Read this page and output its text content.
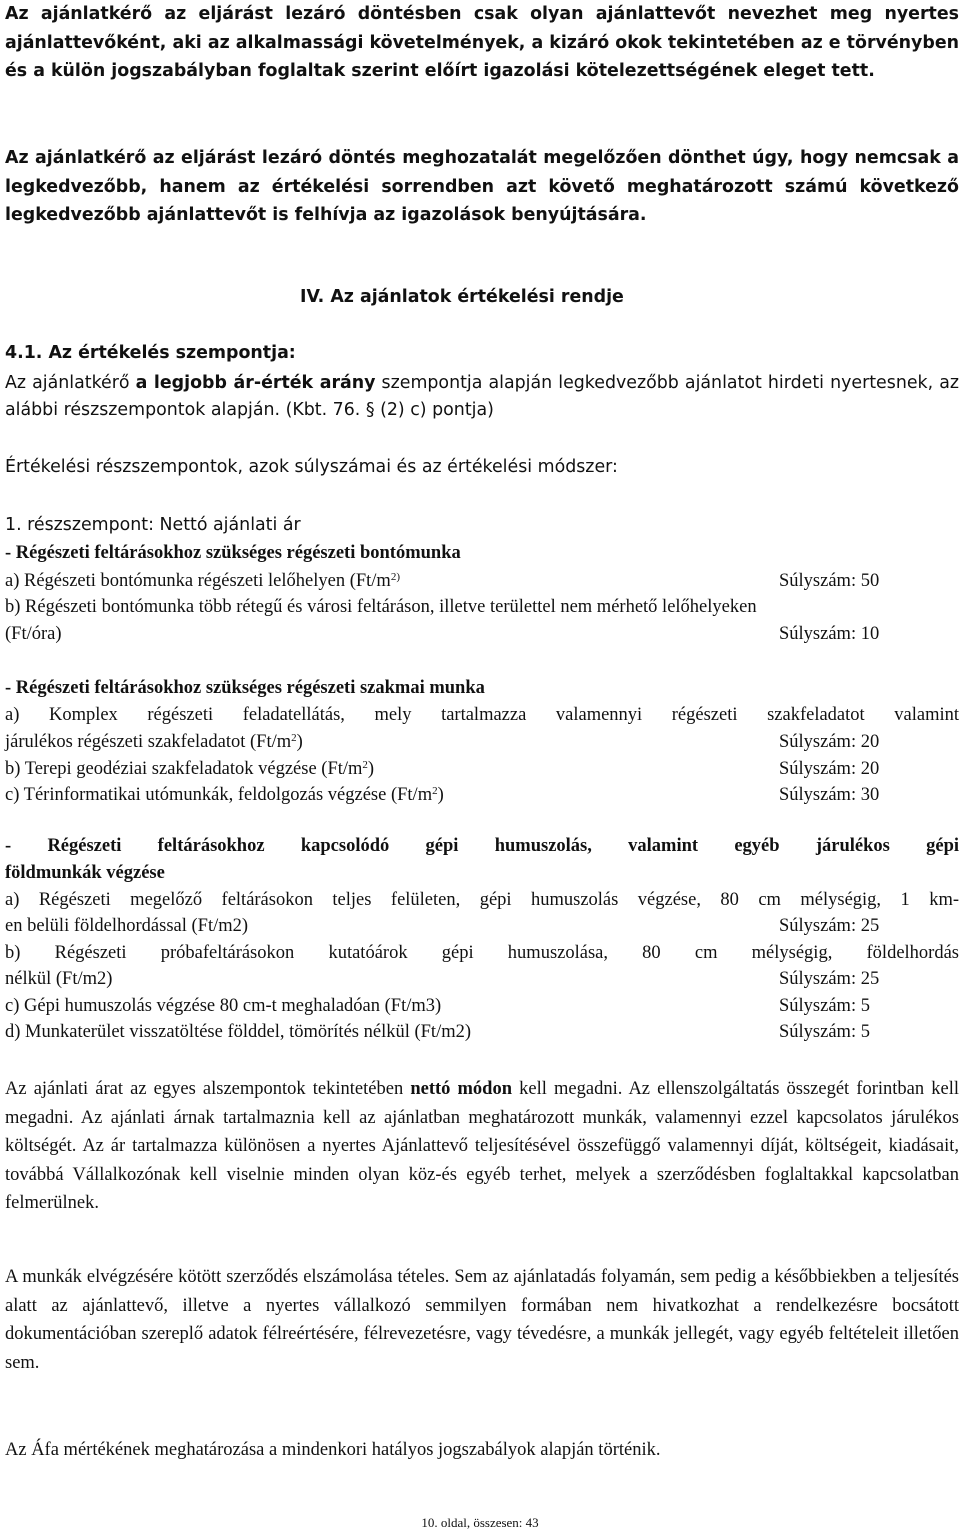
Az ajánlatkérő az eljárást lezáró döntésben csak olyan ajánlattevőt nevezhet meg nyertes ajánlattevőként, aki az alkalmassági követelmények, a kizáró okok tekintetében az e törvényben és a külön jogszabályban foglaltak szerint előírt igazolási kötelezettségének eleget tett.
Az ajánlatkérő az eljárást lezáró döntés meghozatalát megelőzően dönthet úgy, hogy nemcsak a legkedvezőbb, hanem az értékelési sorrendben azt követő meghatározott számú következő legkedvezőbb ajánlattevőt is felhívja az igazolások benyújtására.
IV. Az ajánlatok értékelési rendje
4.1. Az értékelés szempontja:
Az ajánlatkérő a legjobb ár-érték arány szempontja alapján legkedvezőbb ajánlatot hirdeti nyertesnek, az alábbi részszempontok alapján. (Kbt. 76. § (2) c) pontja)
Értékelési részszempontok, azok súlyszámai és az értékelési módszer:
1. részszempont: Nettó ajánlati ár
- Régészeti feltárásokhoz szükséges régészeti bontómunka
a) Régészeti bontómunka régészeti lelőhelyen ($Ft/m^{2)}$	Súlyszám: 50
b) Régészeti bontómunka több rétegű és városi feltáráson, illetve területtel nem mérhető lelőhelyeken
(Ft/óra)	Súlyszám: 10
- Régészeti feltárásokhoz szükséges régészeti szakmai munka
a) Komplex régészeti feladatellátás, mely tartalmazza valamennyi régészeti szakfeladatot valamint
járulékos régészeti szakfeladatot $(Ft/m^2)$	Súlyszám: 20
b) Terepi geodéziai szakfeladatok végzése $(Ft/m^2)$	Súlyszám: 20
c) Térinformatikai utómunkák, feldolgozás végzése $(Ft/m^2)$	Súlyszám: 30
- Régészeti feltárásokhoz kapcsolódó gépi humuszolás, valamint egyéb járulékos gépi
földmunkák végzése
a) Régészeti megelőző feltárásokon teljes felületen, gépi humuszolás végzése, 80 cm mélységig, 1 km-
en belüli földelhordással (Ft/m2)	Súlyszám: 25
b) Régészeti próbafeltárásokon kutatóárok gépi humuszolása, 80 cm mélységig, földelhordás
nélkül (Ft/m2)	Súlyszám: 25
c) Gépi humuszolás végzése 80 cm-t meghaladóan (Ft/m3)	Súlyszám: 5
d) Munkaterület visszatöltése földdel, tömörítés nélkül (Ft/m2)	Súlyszám: 5
Az ajánlati árat az egyes alszempontok tekintetében nettó módon kell megadni. Az ellenszolgáltatás összegét forintban kell megadni. Az ajánlati árnak tartalmaznia kell az ajánlatban meghatározott munkák, valamennyi ezzel kapcsolatos járulékos költségét. Az ár tartalmazza különösen a nyertes Ajánlattevő teljesítésével összefüggő valamennyi díját, költségeit, kiadásait, továbbá Vállalkozónak kell viselnie minden olyan köz-és egyéb terhet, melyek a szerződésben foglaltakkal kapcsolatban felmerülnek.
A munkák elvégzésére kötött szerződés elszámolása tételes. Sem az ajánlatadás folyamán, sem pedig a későbbiekben a teljesítés alatt az ajánlattevő, illetve a nyertes vállalkozó semmilyen formában nem hivatkozhat a rendelkezésre bocsátott dokumentációban szereplő adatok félreértésére, félrevezetésre, vagy tévedésre, a munkák jellegét, vagy egyéb feltételeit illetően sem.
Az Áfa mértékének meghatározása a mindenkori hatályos jogszabályok alapján történik.
10. oldal, összesen: 43
